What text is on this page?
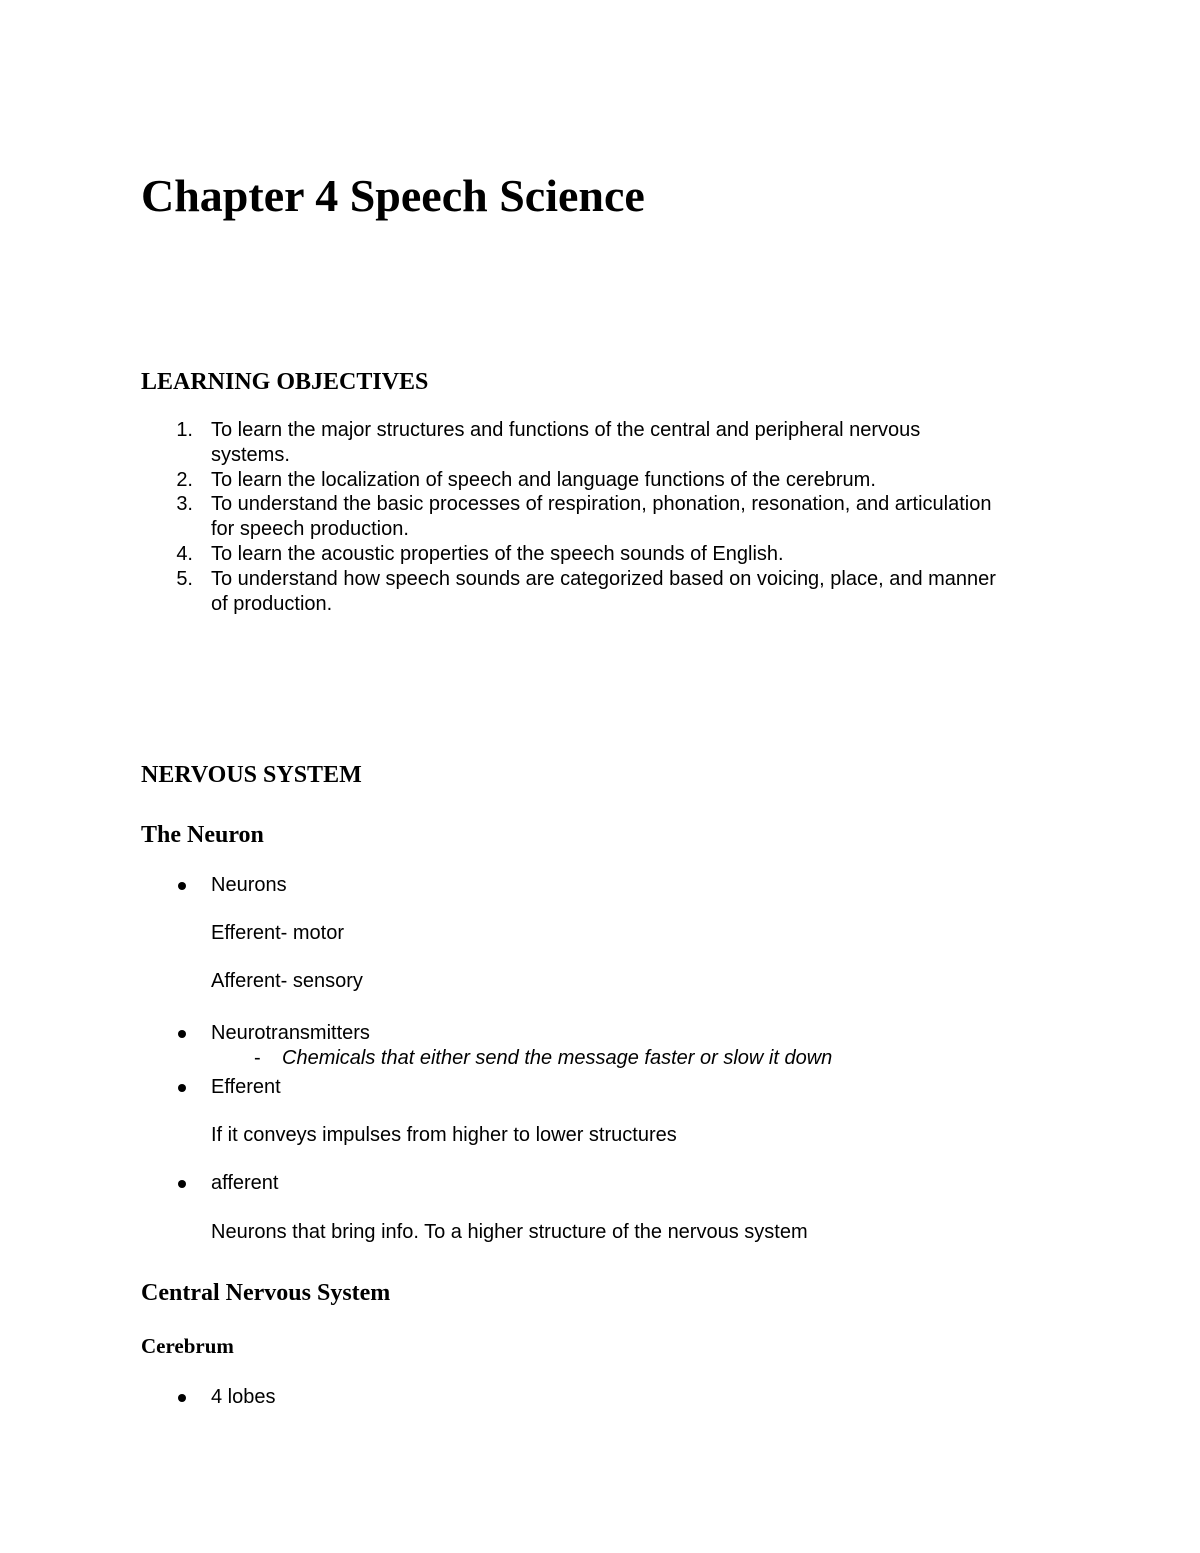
Chapter 4 Speech Science
LEARNING OBJECTIVES
1. To learn the major structures and functions of the central and peripheral nervous
systems.
2. To learn the localization of speech and language functions of the cerebrum.
3. To understand the basic processes of respiration, phonation, resonation, and articulation
for speech production.
4. To learn the acoustic properties of the speech sounds of English.
5. To understand how speech sounds are categorized based on voicing, place, and manner
of production.
NERVOUS SYSTEM
The Neuron
Neurons
Efferent- motor
Afferent- sensory
Neurotransmitters
- Chemicals that either send the message faster or slow it down
Efferent
If it conveys impulses from higher to lower structures
afferent
Neurons that bring info. To a higher structure of the nervous system
Central Nervous System
Cerebrum
4 lobes
